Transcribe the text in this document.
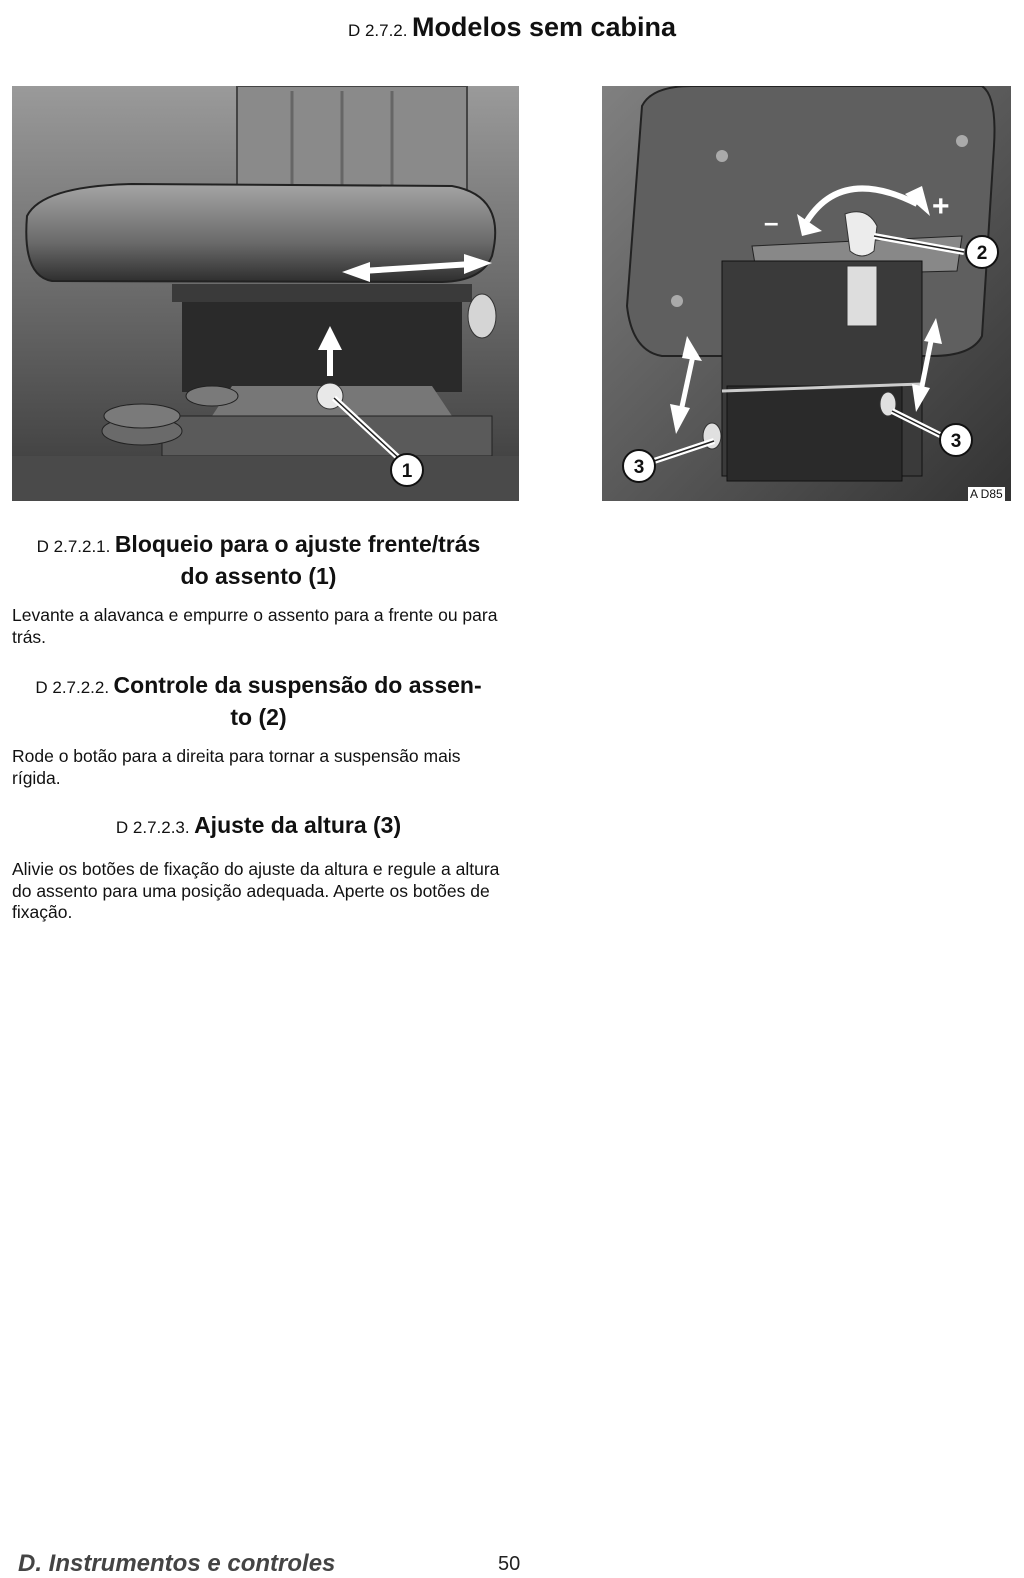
D 2.7.2. Modelos sem cabina
1
–	+
2
3
3
A D85
D 2.7.2.1. Bloqueio para o ajuste frente/trás
do assento (1)
Levante a alavanca e empurre o assento para a frente ou para trás.
D 2.7.2.2. Controle da suspensão do assen-
to (2)
Rode o botão para a direita para tornar a suspensão mais rígida.
D 2.7.2.3. Ajuste da altura (3)
Alivie os botões de fixação do ajuste da altura e regule a altura do assento para uma posição adequada. Aperte os botões de fixação.
D. Instrumentos e controles	50
